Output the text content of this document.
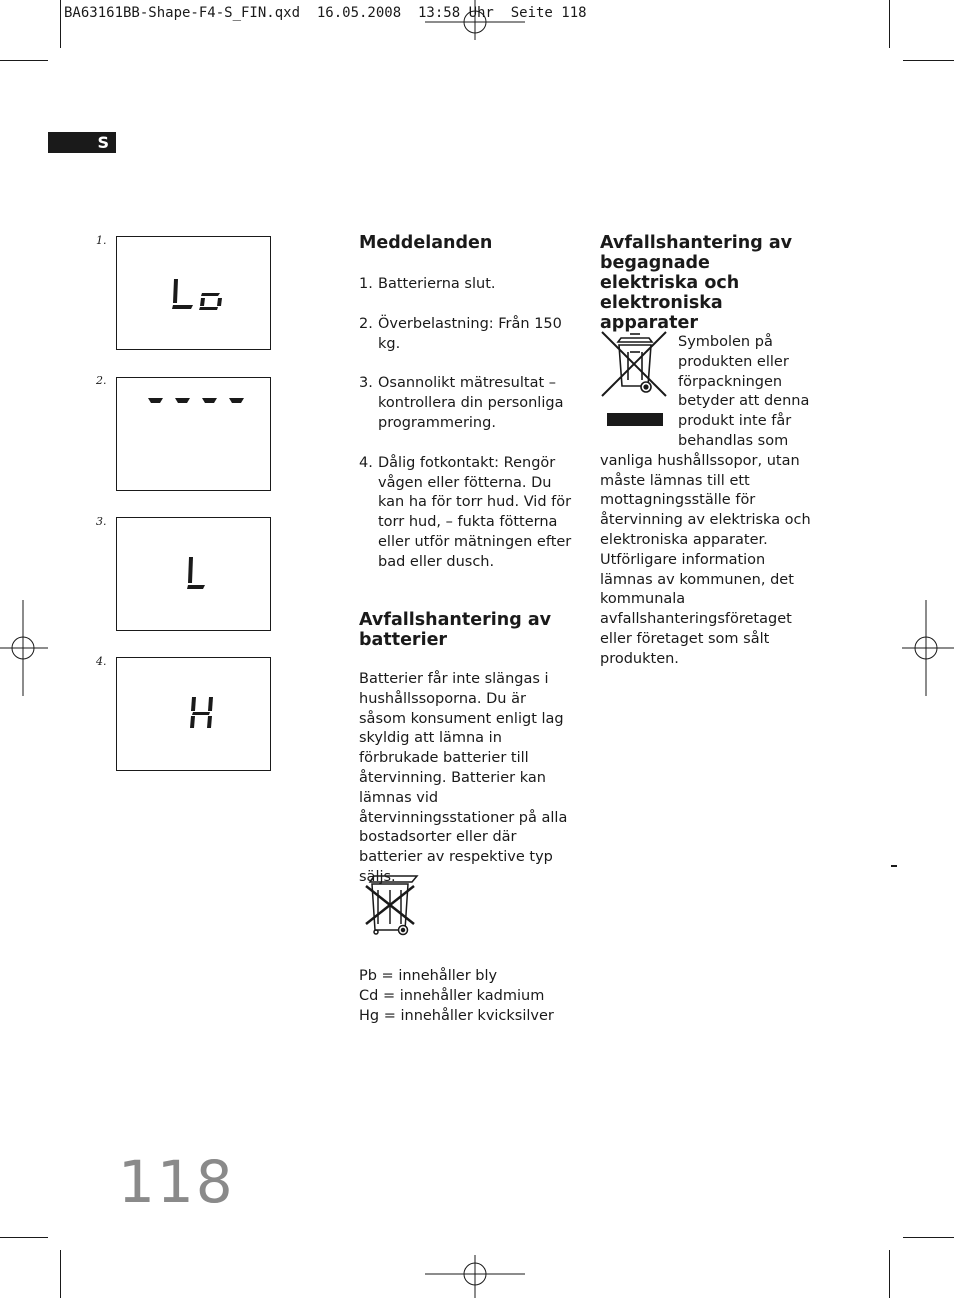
BA63161BB-Shape-F4-S_FIN.qxd  16.05.2008  13:58 Uhr  Seite 118
S
1.
2.
3.
4.
Meddelanden
1. Batterierna slut.
2. Överbelastning: Från 150 kg.
3. Osannolikt mätresultat – kontrollera din personliga programmering.
4. Dålig fotkontakt: Rengör vågen eller fötterna. Du kan ha för torr hud. Vid för torr hud, – fukta fötterna eller utför mätningen efter bad eller dusch.
Avfallshantering av batterier
Batterier får inte slängas i hushållssoporna. Du är såsom konsument enligt lag skyldig att lämna in förbrukade batterier till återvinning. Batterier kan lämnas vid återvinningsstationer på alla bostadsorter eller där batterier av respektive typ säljs.
Pb = innehåller bly
Cd = innehåller kadmium
Hg = innehåller kvicksilver
Avfallshantering av begagnade elektriska och elektroniska apparater
Symbolen på produkten eller förpackningen betyder att denna produkt inte får behandlas som vanliga hushållssopor, utan måste lämnas till ett mottagningsställe för återvinning av elektriska och elektroniska apparater. Utförligare information lämnas av kommunen, det kommunala avfallshanteringsföretaget eller företaget som sålt produkten.
118
